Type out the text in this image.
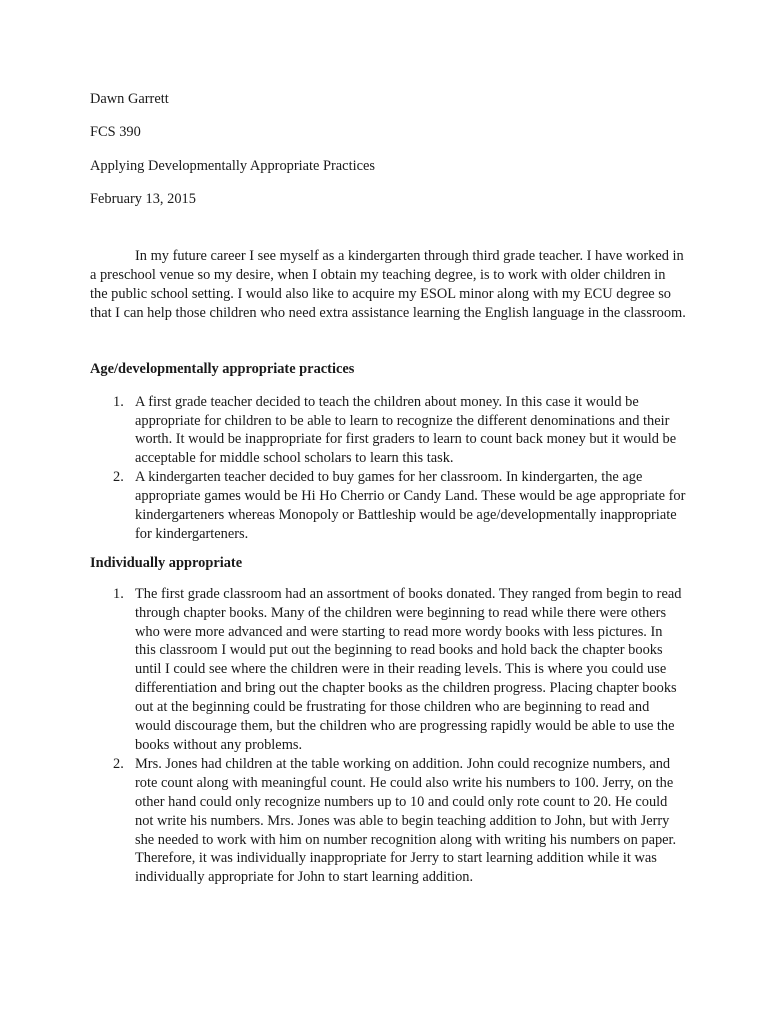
Dawn Garrett
FCS 390
Applying Developmentally Appropriate Practices
February 13, 2015

In my future career I see myself as a kindergarten through third grade teacher. I have worked in a preschool venue so my desire, when I obtain my teaching degree, is to work with older children in the public school setting. I would also like to acquire my ESOL minor along with my ECU degree so that I can help those children who need extra assistance learning the English language in the classroom.

Age/developmentally appropriate practices

1. A first grade teacher decided to teach the children about money. In this case it would be appropriate for children to be able to learn to recognize the different denominations and their worth. It would be inappropriate for first graders to learn to count back money but it would be acceptable for middle school scholars to learn this task.
2. A kindergarten teacher decided to buy games for her classroom. In kindergarten, the age appropriate games would be Hi Ho Cherrio or Candy Land. These would be age appropriate for kindergarteners whereas Monopoly or Battleship would be age/developmentally inappropriate for kindergarteners.

Individually appropriate

1. The first grade classroom had an assortment of books donated. They ranged from begin to read through chapter books. Many of the children were beginning to read while there were others who were more advanced and were starting to read more wordy books with less pictures. In this classroom I would put out the beginning to read books and hold back the chapter books until I could see where the children were in their reading levels. This is where you could use differentiation and bring out the chapter books as the children progress. Placing chapter books out at the beginning could be frustrating for those children who are beginning to read and would discourage them, but the children who are progressing rapidly would be able to use the books without any problems.
2. Mrs. Jones had children at the table working on addition. John could recognize numbers, and rote count along with meaningful count. He could also write his numbers to 100. Jerry, on the other hand could only recognize numbers up to 10 and could only rote count to 20. He could not write his numbers. Mrs. Jones was able to begin teaching addition to John, but with Jerry she needed to work with him on number recognition along with writing his numbers on paper. Therefore, it was individually inappropriate for Jerry to start learning addition while it was individually appropriate for John to start learning addition.
